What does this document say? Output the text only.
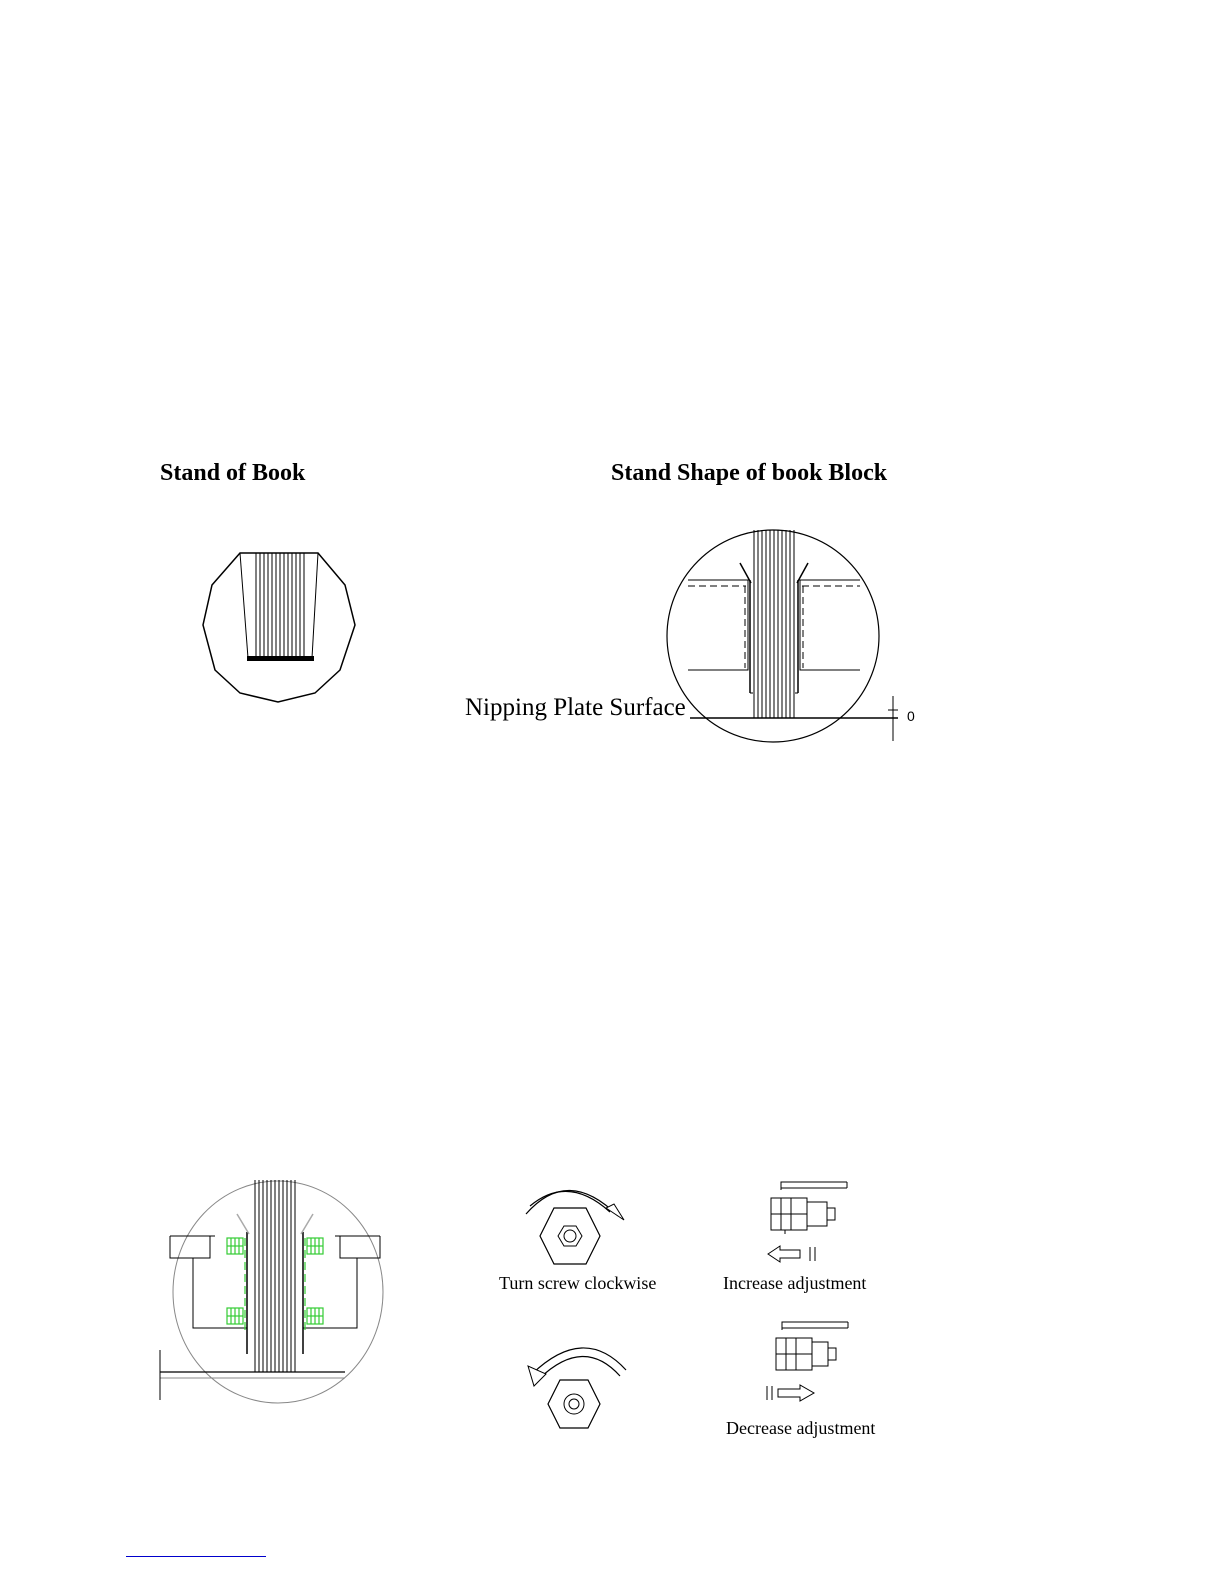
Stand of Book	Stand Shape of book Block
Nipping Plate Surface	0
Turn screw clockwise	Increase adjustment
Decrease adjustment
